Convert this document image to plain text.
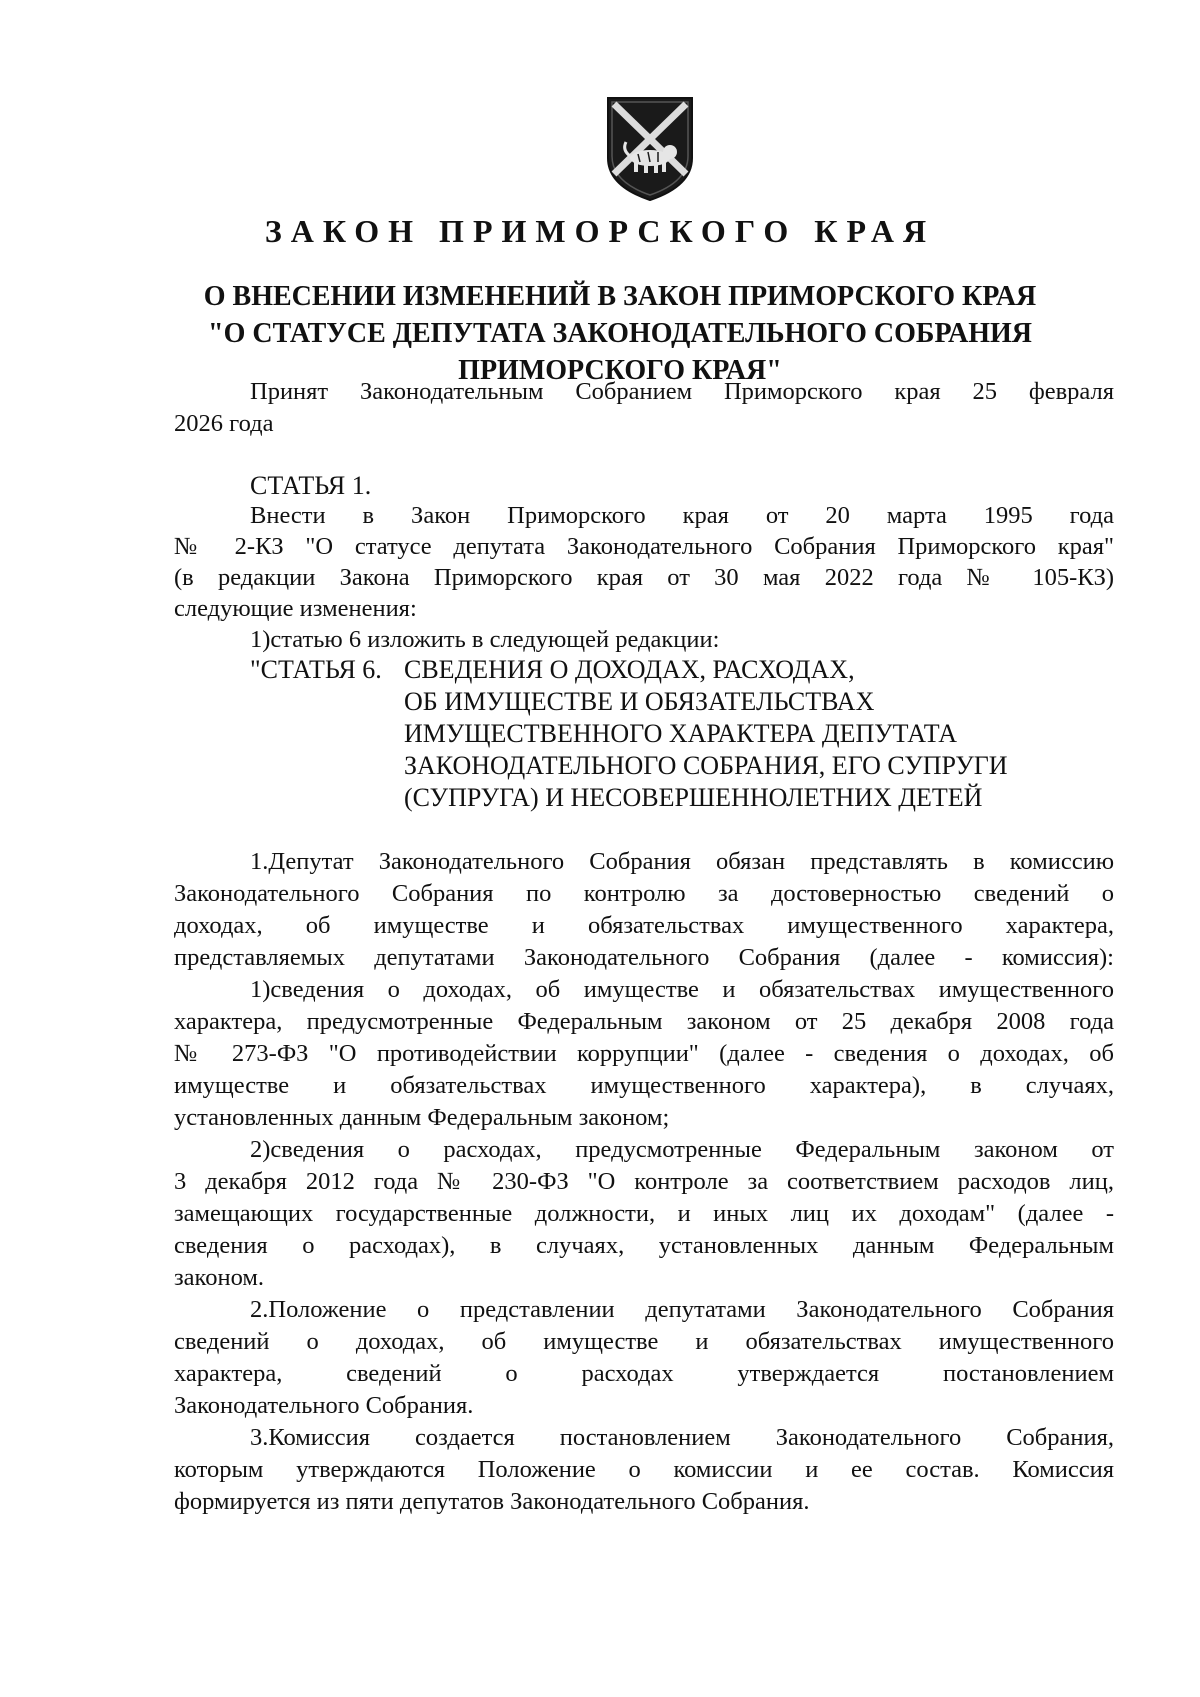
ЗАКОН ПРИМОРСКОГО КРАЯ
О ВНЕСЕНИИ ИЗМЕНЕНИЙ В ЗАКОН ПРИМОРСКОГО КРАЯ
"О СТАТУСЕ ДЕПУТАТА ЗАКОНОДАТЕЛЬНОГО СОБРАНИЯ
ПРИМОРСКОГО КРАЯ"
Принят Законодательным Собранием Приморского края 25 февраля
2026 года
СТАТЬЯ 1.
Внести в Закон Приморского края от 20 марта 1995 года
№ 2-КЗ "О статусе депутата Законодательного Собрания Приморского края"
(в редакции Закона Приморского края от 30 мая 2022 года № 105-КЗ)
следующие изменения:
1)статью 6 изложить в следующей редакции:
"СТАТЬЯ 6. СВЕДЕНИЯ О ДОХОДАХ, РАСХОДАХ,
ОБ ИМУЩЕСТВЕ И ОБЯЗАТЕЛЬСТВАХ
ИМУЩЕСТВЕННОГО ХАРАКТЕРА ДЕПУТАТА
ЗАКОНОДАТЕЛЬНОГО СОБРАНИЯ, ЕГО СУПРУГИ
(СУПРУГА) И НЕСОВЕРШЕННОЛЕТНИХ ДЕТЕЙ
1.Депутат Законодательного Собрания обязан представлять в комиссию
Законодательного Собрания по контролю за достоверностью сведений о
доходах, об имуществе и обязательствах имущественного характера,
представляемых депутатами Законодательного Собрания (далее - комиссия):
1)сведения о доходах, об имуществе и обязательствах имущественного
характера, предусмотренные Федеральным законом от 25 декабря 2008 года
№ 273-ФЗ "О противодействии коррупции" (далее - сведения о доходах, об
имуществе и обязательствах имущественного характера), в случаях,
установленных данным Федеральным законом;
2)сведения о расходах, предусмотренные Федеральным законом от
3 декабря 2012 года № 230-ФЗ "О контроле за соответствием расходов лиц,
замещающих государственные должности, и иных лиц их доходам" (далее -
сведения о расходах), в случаях, установленных данным Федеральным
законом.
2.Положение о представлении депутатами Законодательного Собрания
сведений о доходах, об имуществе и обязательствах имущественного
характера, сведений о расходах утверждается постановлением
Законодательного Собрания.
3.Комиссия создается постановлением Законодательного Собрания,
которым утверждаются Положение о комиссии и ее состав. Комиссия
формируется из пяти депутатов Законодательного Собрания.
